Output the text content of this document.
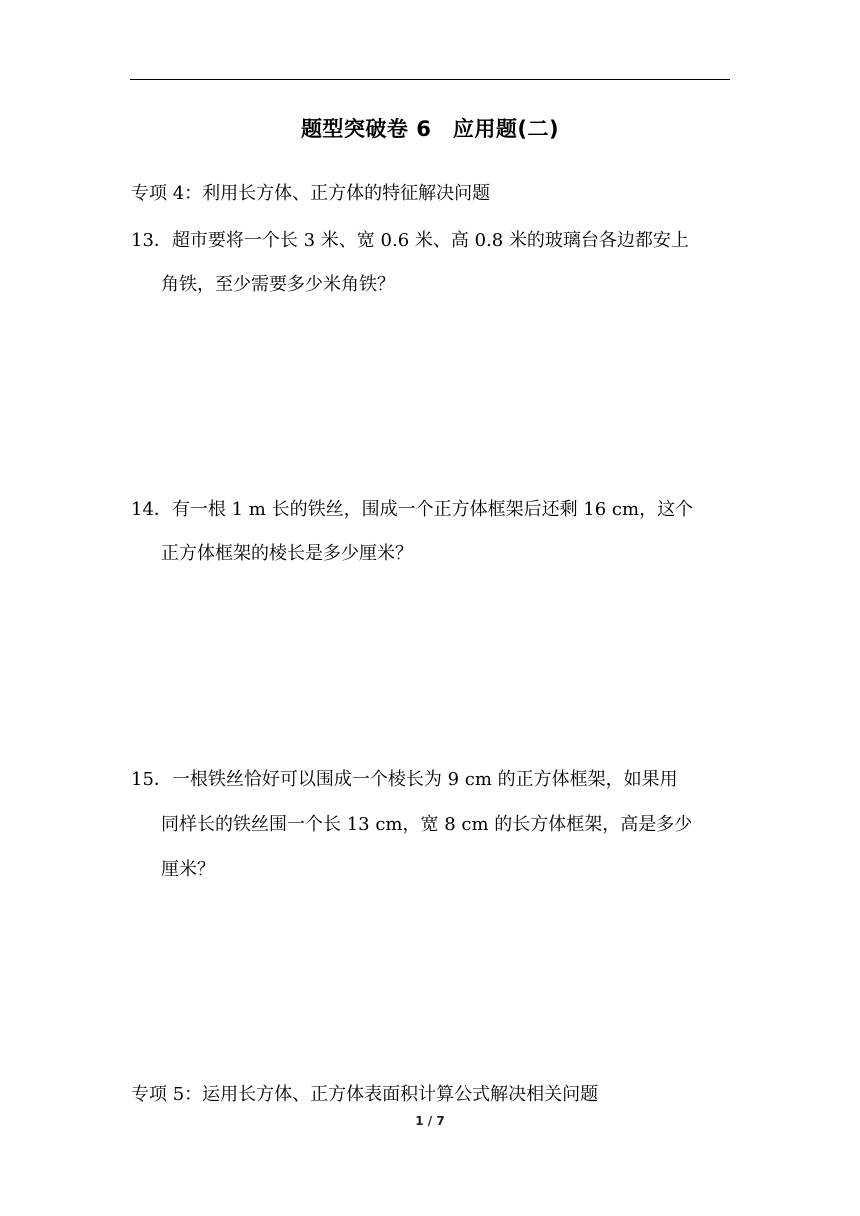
题型突破卷 6　应用题(二)
专项 4：利用长方体、正方体的特征解决问题
13．超市要将一个长 3 米、宽 0.6 米、高 0.8 米的玻璃台各边都安上
角铁，至少需要多少米角铁？
14．有一根 1 m 长的铁丝，围成一个正方体框架后还剩 16 cm，这个
正方体框架的棱长是多少厘米？
15．一根铁丝恰好可以围成一个棱长为 9 cm 的正方体框架，如果用
同样长的铁丝围一个长 13 cm，宽 8 cm 的长方体框架，高是多少
厘米？
专项 5：运用长方体、正方体表面积计算公式解决相关问题
1 / 7
